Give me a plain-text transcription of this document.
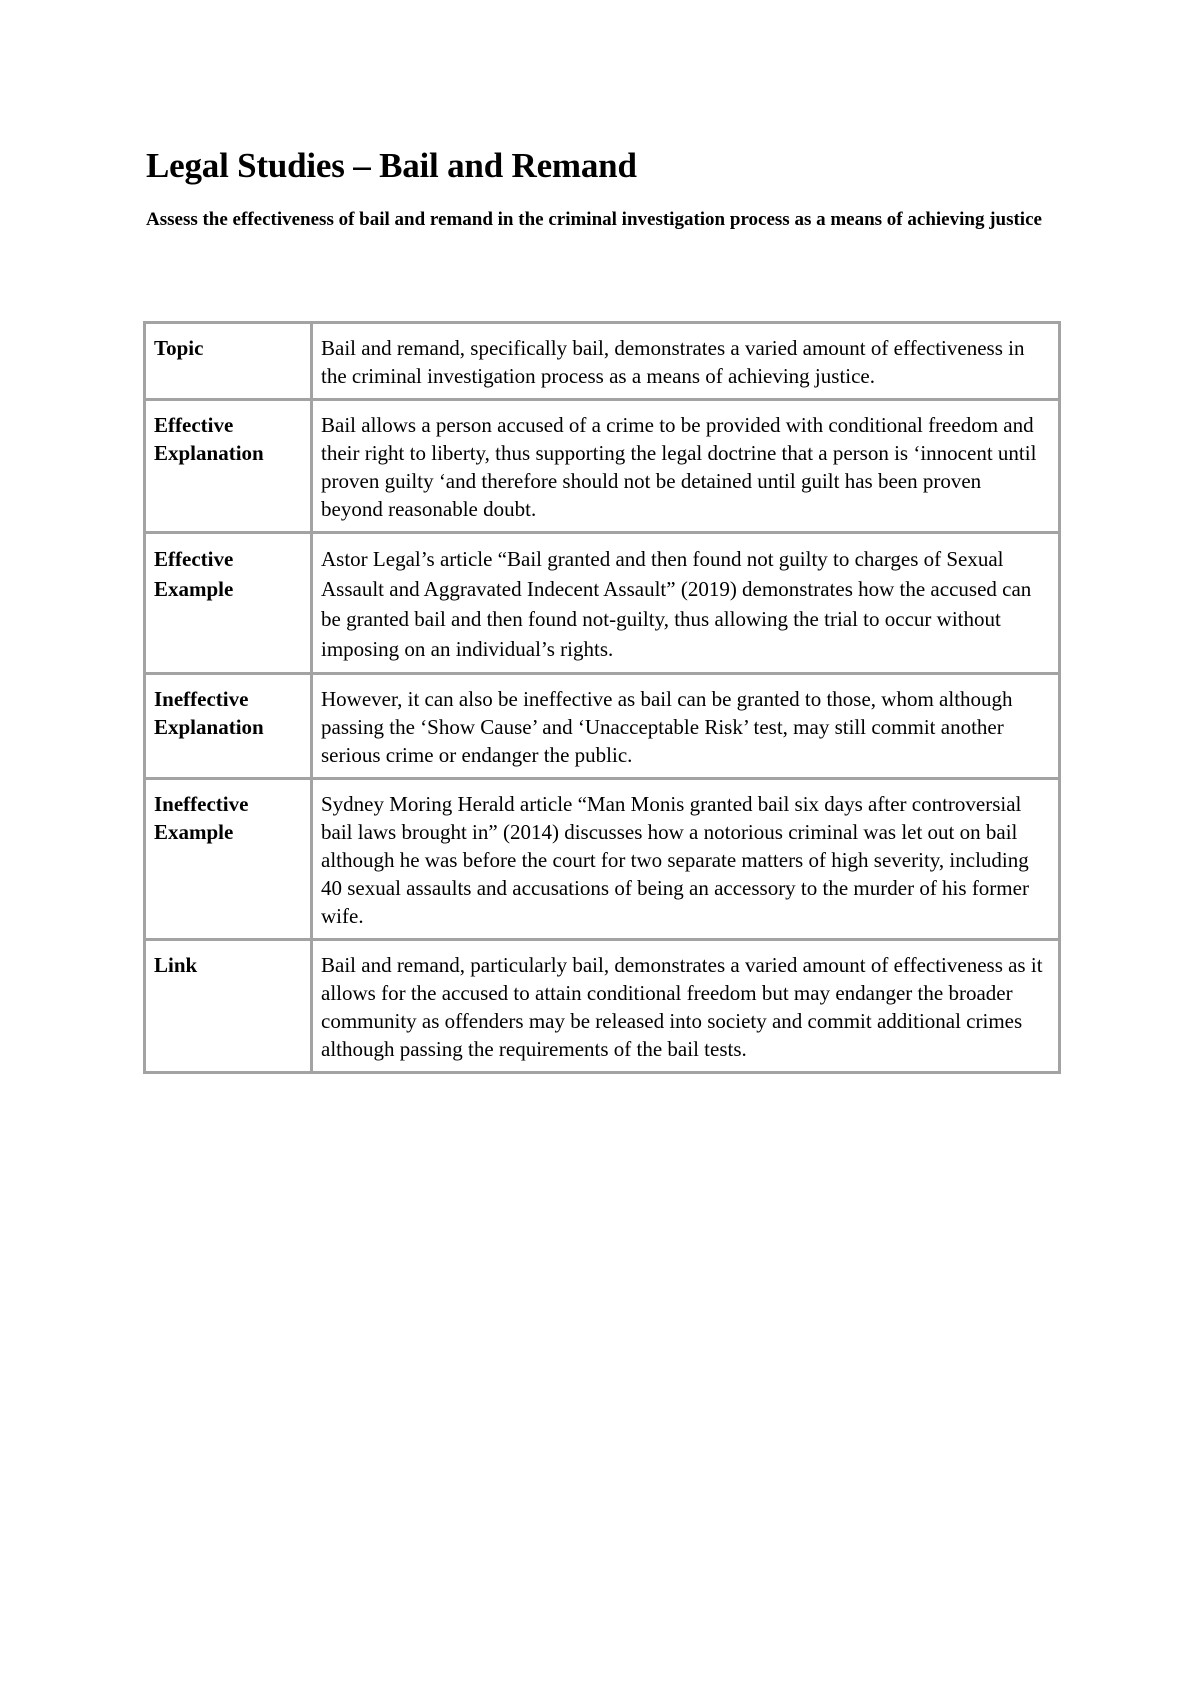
Legal Studies – Bail and Remand

Assess the effectiveness of bail and remand in the criminal investigation process as a means of achieving justice

Topic	Bail and remand, specifically bail, demonstrates a varied amount of effectiveness in the criminal investigation process as a means of achieving justice.
Effective Explanation	Bail allows a person accused of a crime to be provided with conditional freedom and their right to liberty, thus supporting the legal doctrine that a person is ‘innocent until proven guilty ‘and therefore should not be detained until guilt has been proven beyond reasonable doubt.
Effective Example	Astor Legal’s article “Bail granted and then found not guilty to charges of Sexual Assault and Aggravated Indecent Assault” (2019) demonstrates how the accused can be granted bail and then found not-guilty, thus allowing the trial to occur without imposing on an individual’s rights.
Ineffective Explanation	However, it can also be ineffective as bail can be granted to those, whom although passing the ‘Show Cause’ and ‘Unacceptable Risk’ test, may still commit another serious crime or endanger the public.
Ineffective Example	Sydney Moring Herald article “Man Monis granted bail six days after controversial bail laws brought in” (2014) discusses how a notorious criminal was let out on bail although he was before the court for two separate matters of high severity, including 40 sexual assaults and accusations of being an accessory to the murder of his former wife.
Link	Bail and remand, particularly bail, demonstrates a varied amount of effectiveness as it allows for the accused to attain conditional freedom but may endanger the broader community as offenders may be released into society and commit additional crimes although passing the requirements of the bail tests.
